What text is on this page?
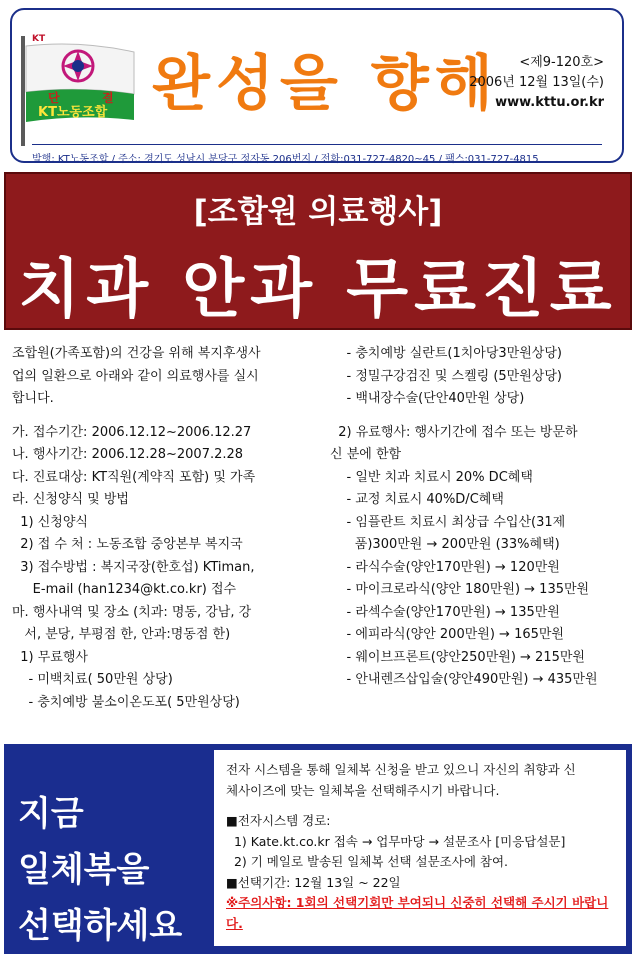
KT
단	결
KT노동조합 완성을 향해	<제9-120호>
2006년 12월 13일(수)
www.kttu.or.kr
발행: KT노동조합 / 주소: 경기도 성남시 분당구 정자동 206번지 / 전화:031-727-4820~45 / 팩스:031-727-4815
[조합원 의료행사]
치과 안과 무료진료

조합원(가족포함)의 건강을 위해 복지후생사

업의 일환으로 아래와 같이 의료행사를 실시

합니다.

가. 접수기간: 2006.12.12~2006.12.27

나. 행사기간: 2006.12.28~2007.2.28

다. 진료대상: KT직원(계약직 포함) 및 가족

라. 신청양식 및 방법

1) 신청양식

2) 접 수 처 : 노동조합 중앙본부 복지국

3) 접수방법 : 복지국장(한호섭) KTiman,

E-mail (han1234@kt.co.kr) 접수

마. 행사내역 및 장소 (치과: 명동, 강남, 강

서, 분당, 부평점 한, 안과:명동점 한)

1) 무료행사

- 미백치료( 50만원 상당)

- 충치예방 불소이온도포( 5만원상당)

- 충치예방 실란트(1치아당3만원상당)

- 정밀구강검진 및 스켈링 (5만원상당)

- 백내장수술(단안40만원 상당)

2) 유료행사: 행사기간에 접수 또는 방문하

신 분에 한함

- 일반 치과 치료시 20% DC혜택

- 교정 치료시 40%D/C혜택

- 임플란트 치료시 최상급 수입산(31제

품)300만원 → 200만원 (33%혜택)

- 라식수술(양안170만원) → 120만원

- 마이크로라식(양안 180만원) → 135만원

- 라섹수술(양안170만원) → 135만원

- 에피라식(양안 200만원) → 165만원

- 웨이브프론트(양안250만원) → 215만원

- 안내렌즈삽입술(양안490만원) → 435만원

지금
일체복을
선택하세요

전자 시스템을 통해 일체복 신청을 받고 있으니 자신의 취향과 신

체사이즈에 맞는 일체복을 선택해주시기 바랍니다.

■전자시스템 경로:

1) Kate.kt.co.kr 접속 → 업무마당 → 설문조사 [미응답설문]

2) 기 메일로 발송된 일체복 선택 설문조사에 참여.

■선택기간: 12월 13일 ~ 22일

※주의사항: 1회의 선택기회만 부여되니 신중히 선택해 주시기 바랍니다.
